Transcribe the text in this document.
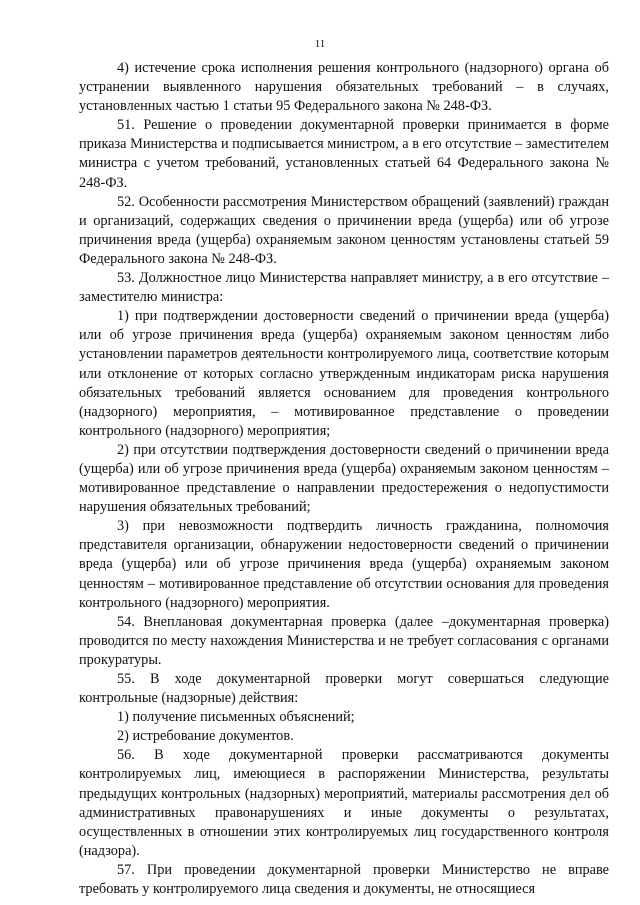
11

4) истечение срока исполнения решения контрольного (надзорного) органа об устранении выявленного нарушения обязательных требований – в случаях, установленных частью 1 статьи 95 Федерального закона № 248-ФЗ.

51. Решение о проведении документарной проверки принимается в форме приказа Министерства и подписывается министром, а в его отсутствие – заместителем министра с учетом требований, установленных статьей 64 Федерального закона № 248-ФЗ.

52. Особенности рассмотрения Министерством обращений (заявлений) граждан и организаций, содержащих сведения о причинении вреда (ущерба) или об угрозе причинения вреда (ущерба) охраняемым законом ценностям установлены статьей 59 Федерального закона № 248-ФЗ.

53. Должностное лицо Министерства направляет министру, а в его отсутствие – заместителю министра:

1) при подтверждении достоверности сведений о причинении вреда (ущерба) или об угрозе причинения вреда (ущерба) охраняемым законом ценностям либо установлении параметров деятельности контролируемого лица, соответствие которым или отклонение от которых согласно утвержденным индикаторам риска нарушения обязательных требований является основанием для проведения контрольного (надзорного) мероприятия, – мотивированное представление о проведении контрольного (надзорного) мероприятия;

2) при отсутствии подтверждения достоверности сведений о причинении вреда (ущерба) или об угрозе причинения вреда (ущерба) охраняемым законом ценностям – мотивированное представление о направлении предостережения о недопустимости нарушения обязательных требований;

3) при невозможности подтвердить личность гражданина, полномочия представителя организации, обнаружении недостоверности сведений о причинении вреда (ущерба) или об угрозе причинения вреда (ущерба) охраняемым законом ценностям – мотивированное представление об отсутствии основания для проведения контрольного (надзорного) мероприятия.

54. Внеплановая документарная проверка (далее –документарная проверка) проводится по месту нахождения Министерства и не требует согласования с органами прокуратуры.

55. В ходе документарной проверки могут совершаться следующие контрольные (надзорные) действия:

1) получение письменных объяснений;

2) истребование документов.

56. В ходе документарной проверки рассматриваются документы контролируемых лиц, имеющиеся в распоряжении Министерства, результаты предыдущих контрольных (надзорных) мероприятий, материалы рассмотрения дел об административных правонарушениях и иные документы о результатах, осуществленных в отношении этих контролируемых лиц государственного контроля (надзора).

57. При проведении документарной проверки Министерство не вправе требовать у контролируемого лица сведения и документы, не относящиеся
